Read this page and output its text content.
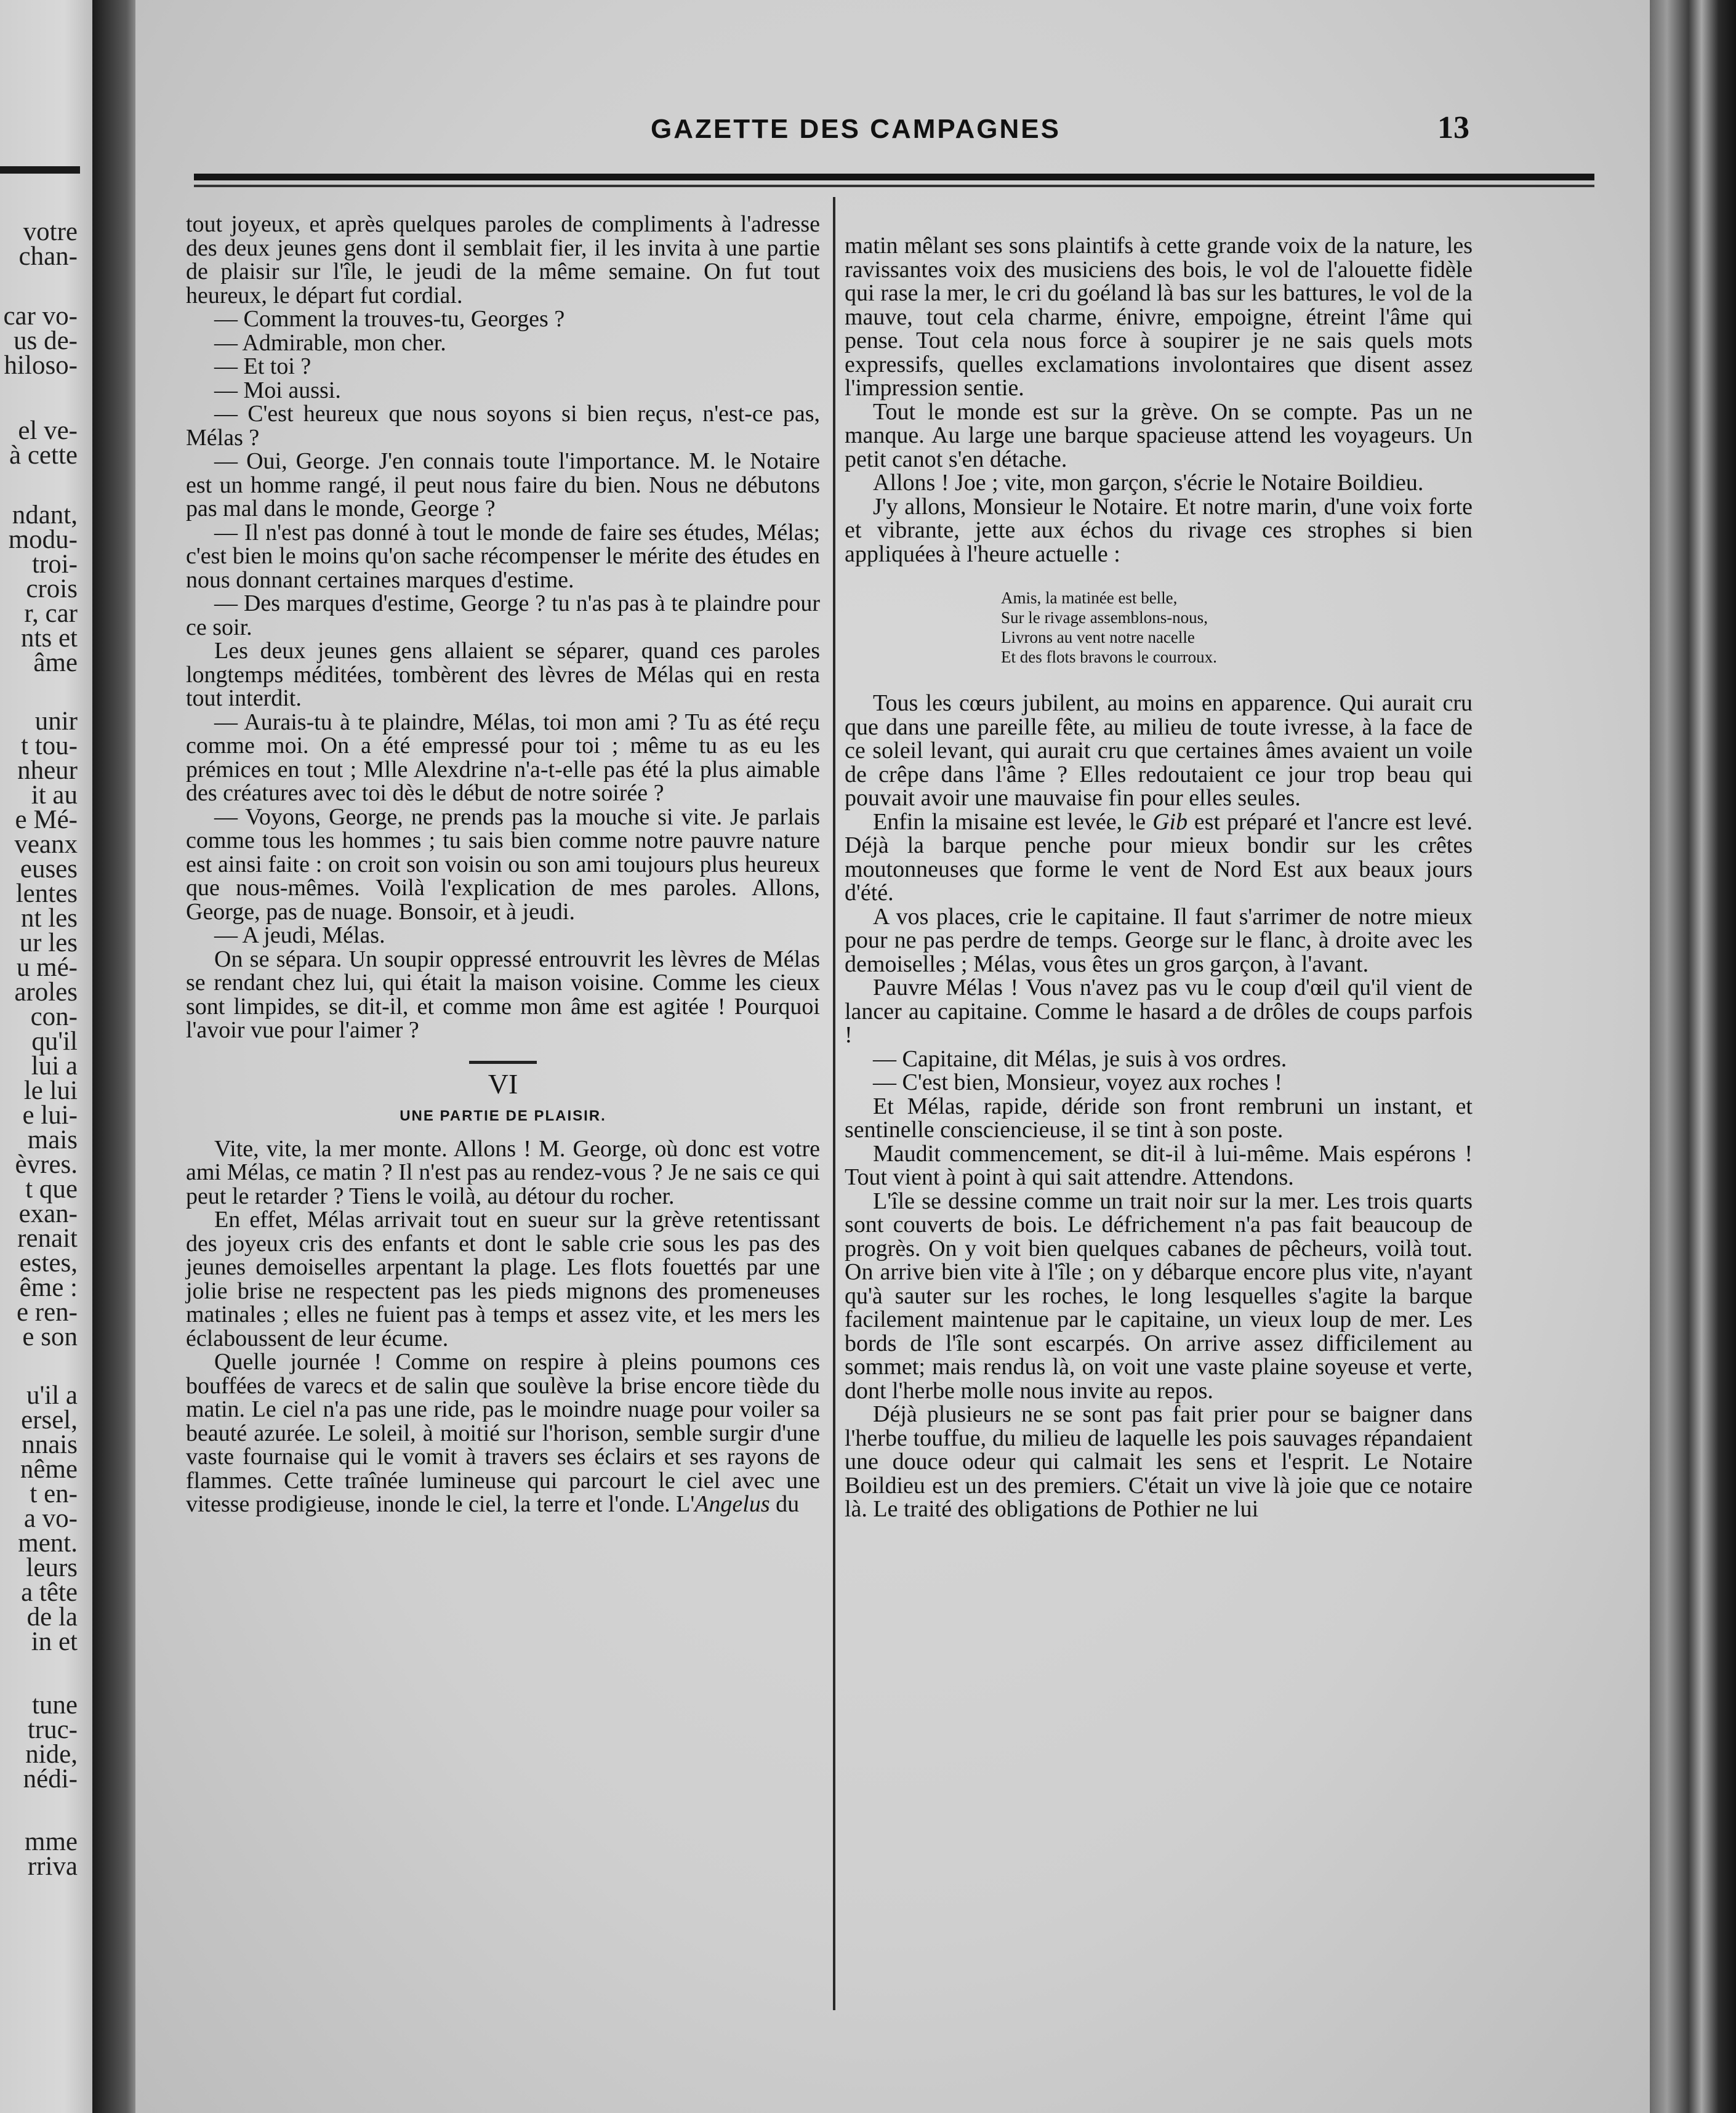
votre
chan-
car vo-
us de-
hiloso-
el ve-
à cette
ndant,
modu-
troi-
crois
r, car
nts et
âme
unir
t tou-
nheur
it au
e Mé-
veanx
euses
lentes
nt les
ur les
u mé-
aroles
con-
qu'il
lui a
le lui
e lui-
mais
èvres.
t que
exan-
renait
estes,
ême :
e ren-
e son
u'il a
ersel,
nnais
nême
t en-
a vo-
ment.
leurs
a tête
de la
in et
tune
truc-
nide,
nédi-
mme
rriva
GAZETTE DES CAMPAGNES	13

tout joyeux, et après quelques paroles de compliments à l'adresse des deux jeunes gens dont il semblait fier, il les invita à une partie de plaisir sur l'île, le jeudi de la même semaine. On fut tout heureux, le départ fut cordial.

— Comment la trouves-tu, Georges ?

— Admirable, mon cher.

— Et toi ?

— Moi aussi.

— C'est heureux que nous soyons si bien reçus, n'est-ce pas, Mélas ?

— Oui, George. J'en connais toute l'importance. M. le Notaire est un homme rangé, il peut nous faire du bien. Nous ne débutons pas mal dans le monde, George ?

— Il n'est pas donné à tout le monde de faire ses études, Mélas; c'est bien le moins qu'on sache récompenser le mérite des études en nous donnant certaines marques d'estime.

— Des marques d'estime, George ? tu n'as pas à te plaindre pour ce soir.

Les deux jeunes gens allaient se séparer, quand ces paroles longtemps méditées, tombèrent des lèvres de Mélas qui en resta tout interdit.

— Aurais-tu à te plaindre, Mélas, toi mon ami ? Tu as été reçu comme moi. On a été empressé pour toi ; même tu as eu les prémices en tout ; Mlle Alexdrine n'a-t-elle pas été la plus aimable des créatures avec toi dès le début de notre soirée ?

— Voyons, George, ne prends pas la mouche si vite. Je parlais comme tous les hommes ; tu sais bien comme notre pauvre nature est ainsi faite : on croit son voisin ou son ami toujours plus heureux que nous-mêmes. Voilà l'explication de mes paroles. Allons, George, pas de nuage. Bonsoir, et à jeudi.

— A jeudi, Mélas.

On se sépara. Un soupir oppressé entrouvrit les lèvres de Mélas se rendant chez lui, qui était la maison voisine. Comme les cieux sont limpides, se dit-il, et comme mon âme est agitée ! Pourquoi l'avoir vue pour l'aimer ?

VI
UNE PARTIE DE PLAISIR.

Vite, vite, la mer monte. Allons ! M. George, où donc est votre ami Mélas, ce matin ? Il n'est pas au rendez-vous ? Je ne sais ce qui peut le retarder ? Tiens le voilà, au détour du rocher.

En effet, Mélas arrivait tout en sueur sur la grève retentissant des joyeux cris des enfants et dont le sable crie sous les pas des jeunes demoiselles arpentant la plage. Les flots fouettés par une jolie brise ne respectent pas les pieds mignons des promeneuses matinales ; elles ne fuient pas à temps et assez vite, et les mers les éclaboussent de leur écume.

Quelle journée ! Comme on respire à pleins poumons ces bouffées de varecs et de salin que soulève la brise encore tiède du matin. Le ciel n'a pas une ride, pas le moindre nuage pour voiler sa beauté azurée. Le soleil, à moitié sur l'horison, semble surgir d'une vaste fournaise qui le vomit à travers ses éclairs et ses rayons de flammes. Cette traînée lumineuse qui parcourt le ciel avec une vitesse prodigieuse, inonde le ciel, la terre et l'onde. L'Angelus du

matin mêlant ses sons plaintifs à cette grande voix de la nature, les ravissantes voix des musiciens des bois, le vol de l'alouette fidèle qui rase la mer, le cri du goéland là bas sur les battures, le vol de la mauve, tout cela charme, énivre, empoigne, étreint l'âme qui pense. Tout cela nous force à soupirer je ne sais quels mots expressifs, quelles exclamations involontaires que disent assez l'impression sentie.

Tout le monde est sur la grève. On se compte. Pas un ne manque. Au large une barque spacieuse attend les voyageurs. Un petit canot s'en détache.

Allons ! Joe ; vite, mon garçon, s'écrie le Notaire Boildieu.

J'y allons, Monsieur le Notaire. Et notre marin, d'une voix forte et vibrante, jette aux échos du rivage ces strophes si bien appliquées à l'heure actuelle :

Amis, la matinée est belle,
Sur le rivage assemblons-nous,
Livrons au vent notre nacelle
Et des flots bravons le courroux.

Tous les cœurs jubilent, au moins en apparence. Qui aurait cru que dans une pareille fête, au milieu de toute ivresse, à la face de ce soleil levant, qui aurait cru que certaines âmes avaient un voile de crêpe dans l'âme ? Elles redoutaient ce jour trop beau qui pouvait avoir une mauvaise fin pour elles seules.

Enfin la misaine est levée, le Gib est préparé et l'ancre est levé. Déjà la barque penche pour mieux bondir sur les crêtes moutonneuses que forme le vent de Nord Est aux beaux jours d'été.

A vos places, crie le capitaine. Il faut s'arrimer de notre mieux pour ne pas perdre de temps. George sur le flanc, à droite avec les demoiselles ; Mélas, vous êtes un gros garçon, à l'avant.

Pauvre Mélas ! Vous n'avez pas vu le coup d'œil qu'il vient de lancer au capitaine. Comme le hasard a de drôles de coups parfois !

— Capitaine, dit Mélas, je suis à vos ordres.

— C'est bien, Monsieur, voyez aux roches !

Et Mélas, rapide, déride son front rembruni un instant, et sentinelle consciencieuse, il se tint à son poste.

Maudit commencement, se dit-il à lui-même. Mais espérons ! Tout vient à point à qui sait attendre. Attendons.

L'île se dessine comme un trait noir sur la mer. Les trois quarts sont couverts de bois. Le défrichement n'a pas fait beaucoup de progrès. On y voit bien quelques cabanes de pêcheurs, voilà tout. On arrive bien vite à l'île ; on y débarque encore plus vite, n'ayant qu'à sauter sur les roches, le long lesquelles s'agite la barque facilement maintenue par le capitaine, un vieux loup de mer. Les bords de l'île sont escarpés. On arrive assez difficilement au sommet; mais rendus là, on voit une vaste plaine soyeuse et verte, dont l'herbe molle nous invite au repos.

Déjà plusieurs ne se sont pas fait prier pour se baigner dans l'herbe touffue, du milieu de laquelle les pois sauvages répandaient une douce odeur qui calmait les sens et l'esprit. Le Notaire Boildieu est un des premiers. C'était un vive là joie que ce notaire là. Le traité des obligations de Pothier ne lui
